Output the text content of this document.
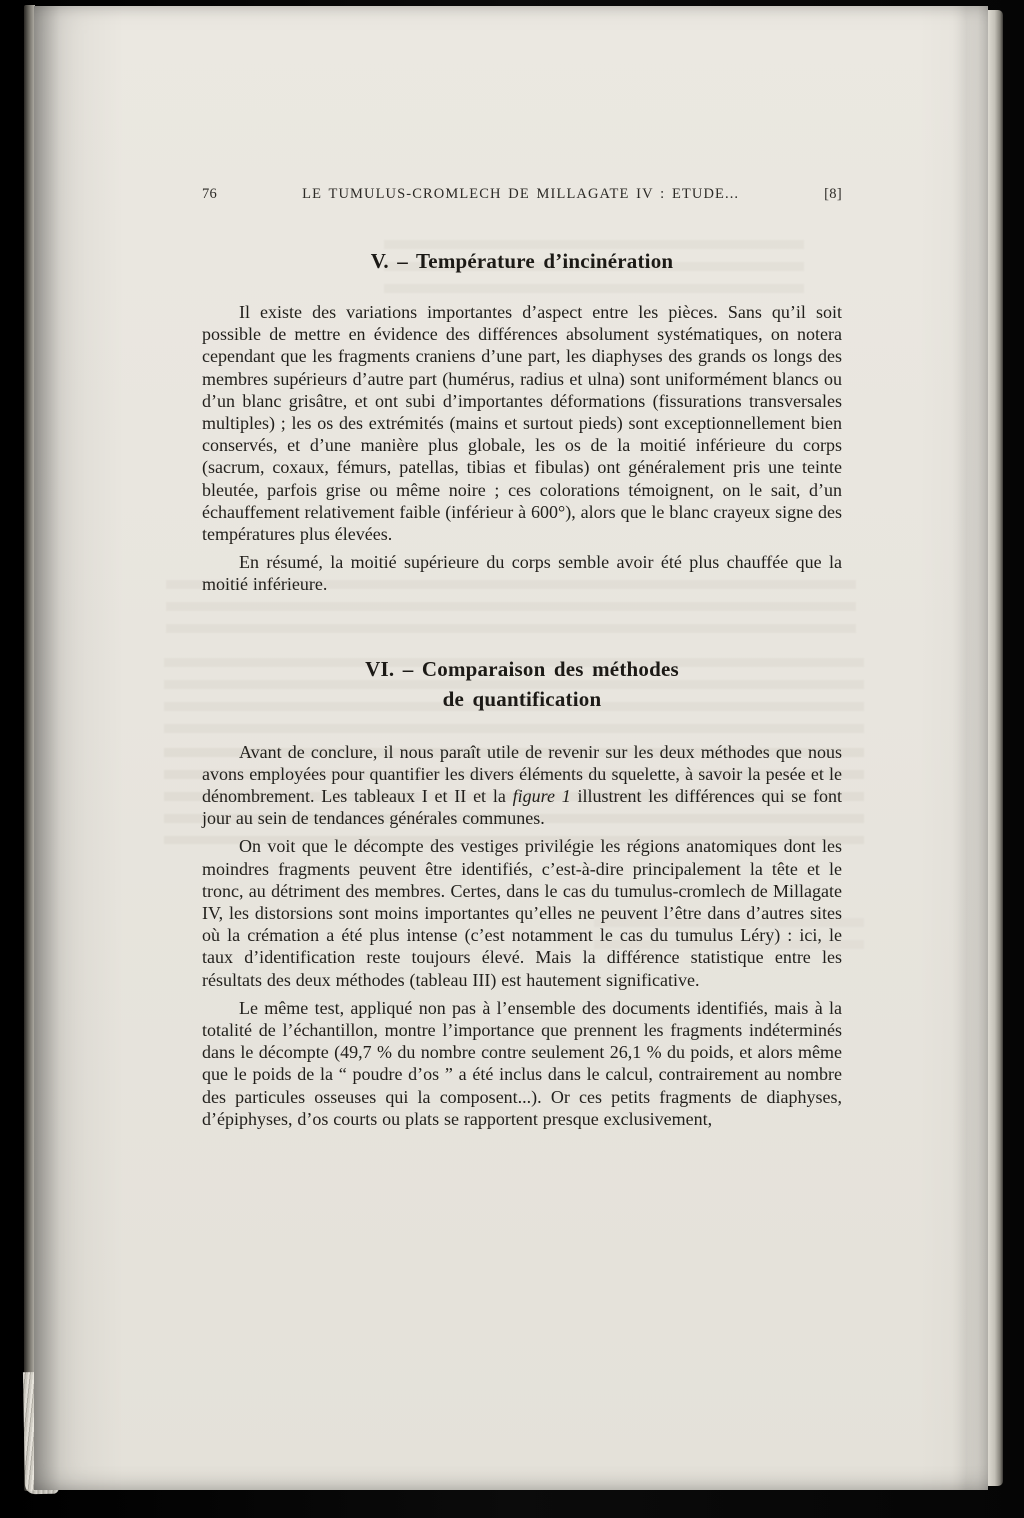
76	LE TUMULUS-CROMLECH DE MILLAGATE IV : ETUDE...	[8]
V. – Température d’incinération

Il existe des variations importantes d’aspect entre les pièces. Sans qu’il soit possible de mettre en évidence des différences absolument systématiques, on notera cependant que les fragments craniens d’une part, les diaphyses des grands os longs des membres supérieurs d’autre part (humérus, radius et ulna) sont uniformément blancs ou d’un blanc grisâtre, et ont subi d’importantes déformations (fissurations transversales multiples) ; les os des extrémités (mains et surtout pieds) sont exceptionnellement bien conservés, et d’une manière plus globale, les os de la moitié inférieure du corps (sacrum, coxaux, fémurs, patellas, tibias et fibulas) ont généralement pris une teinte bleutée, parfois grise ou même noire ; ces colorations témoignent, on le sait, d’un échauffement relativement faible (inférieur à 600°), alors que le blanc crayeux signe des températures plus élevées.

En résumé, la moitié supérieure du corps semble avoir été plus chauffée que la moitié inférieure.

VI. – Comparaison des méthodes
de quantification

Avant de conclure, il nous paraît utile de revenir sur les deux méthodes que nous avons employées pour quantifier les divers éléments du squelette, à savoir la pesée et le dénombrement. Les tableaux I et II et la figure 1 illustrent les différences qui se font jour au sein de tendances générales communes.

On voit que le décompte des vestiges privilégie les régions anatomiques dont les moindres fragments peuvent être identifiés, c’est-à-dire principalement la tête et le tronc, au détriment des membres. Certes, dans le cas du tumulus-cromlech de Millagate IV, les distorsions sont moins importantes qu’elles ne peuvent l’être dans d’autres sites où la crémation a été plus intense (c’est notamment le cas du tumulus Léry) : ici, le taux d’identification reste toujours élevé. Mais la différence statistique entre les résultats des deux méthodes (tableau III) est hautement significative.

Le même test, appliqué non pas à l’ensemble des documents identifiés, mais à la totalité de l’échantillon, montre l’importance que prennent les fragments indéterminés dans le décompte (49,7 % du nombre contre seulement 26,1 % du poids, et alors même que le poids de la “ poudre d’os ” a été inclus dans le calcul, contrairement au nombre des particules osseuses qui la composent...). Or ces petits fragments de diaphyses, d’épiphyses, d’os courts ou plats se rapportent presque exclusivement,
